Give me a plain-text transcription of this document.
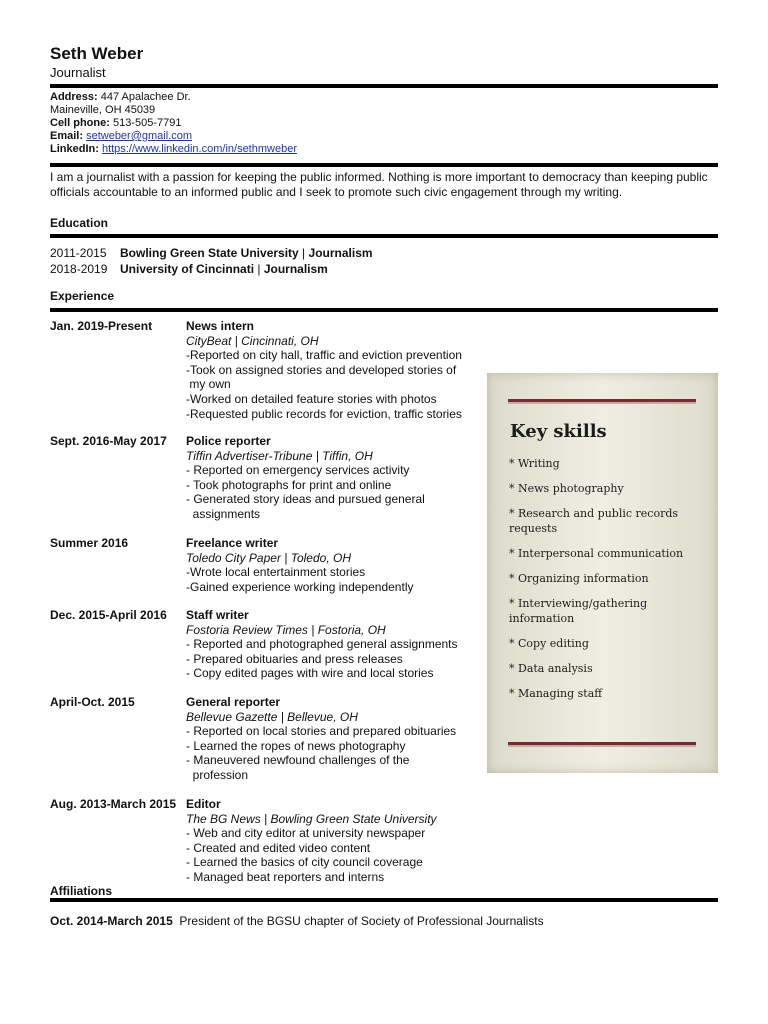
Seth Weber
Journalist
Address: 447 Apalachee Dr.
Maineville, OH 45039
Cell phone: 513-505-7791
Email: setweber@gmail.com
LinkedIn: https://www.linkedin.com/in/sethmweber
I am a journalist with a passion for keeping the public informed. Nothing is more important to democracy than keeping public officials accountable to an informed public and I seek to promote such civic engagement through my writing.
Education
2011-2015 Bowling Green State University | Journalism
2018-2019 University of Cincinnati | Journalism
Experience
Jan. 2019-Present	News intern
CityBeat | Cincinnati, OH
-Reported on city hall, traffic and eviction prevention
-Took on assigned stories and developed stories of
my own
-Worked on detailed feature stories with photos
-Requested public records for eviction, traffic stories
Sept. 2016-May 2017 Police reporter
Tiffin Advertiser-Tribune | Tiffin, OH
- Reported on emergency services activity
- Took photographs for print and online
- Generated story ideas and pursued general
assignments
Summer 2016	Freelance writer
Toledo City Paper | Toledo, OH
-Wrote local entertainment stories
-Gained experience working independently
Dec. 2015-April 2016 Staff writer
Fostoria Review Times | Fostoria, OH
- Reported and photographed general assignments
- Prepared obituaries and press releases
- Copy edited pages with wire and local stories
April-Oct. 2015	General reporter
Bellevue Gazette | Bellevue, OH
- Reported on local stories and prepared obituaries
- Learned the ropes of news photography
- Maneuvered newfound challenges of the
profession
Aug. 2013-March 2015 Editor
The BG News | Bowling Green State University
- Web and city editor at university newspaper
- Created and edited video content
- Learned the basics of city council coverage
- Managed beat reporters and interns
Affiliations
Oct. 2014-March 2015 President of the BGSU chapter of Society of Professional Journalists
Key skills
* Writing
* News photography
* Research and public records requests
* Interpersonal communication
* Organizing information
* Interviewing/gathering information
* Copy editing
* Data analysis
* Managing staff
